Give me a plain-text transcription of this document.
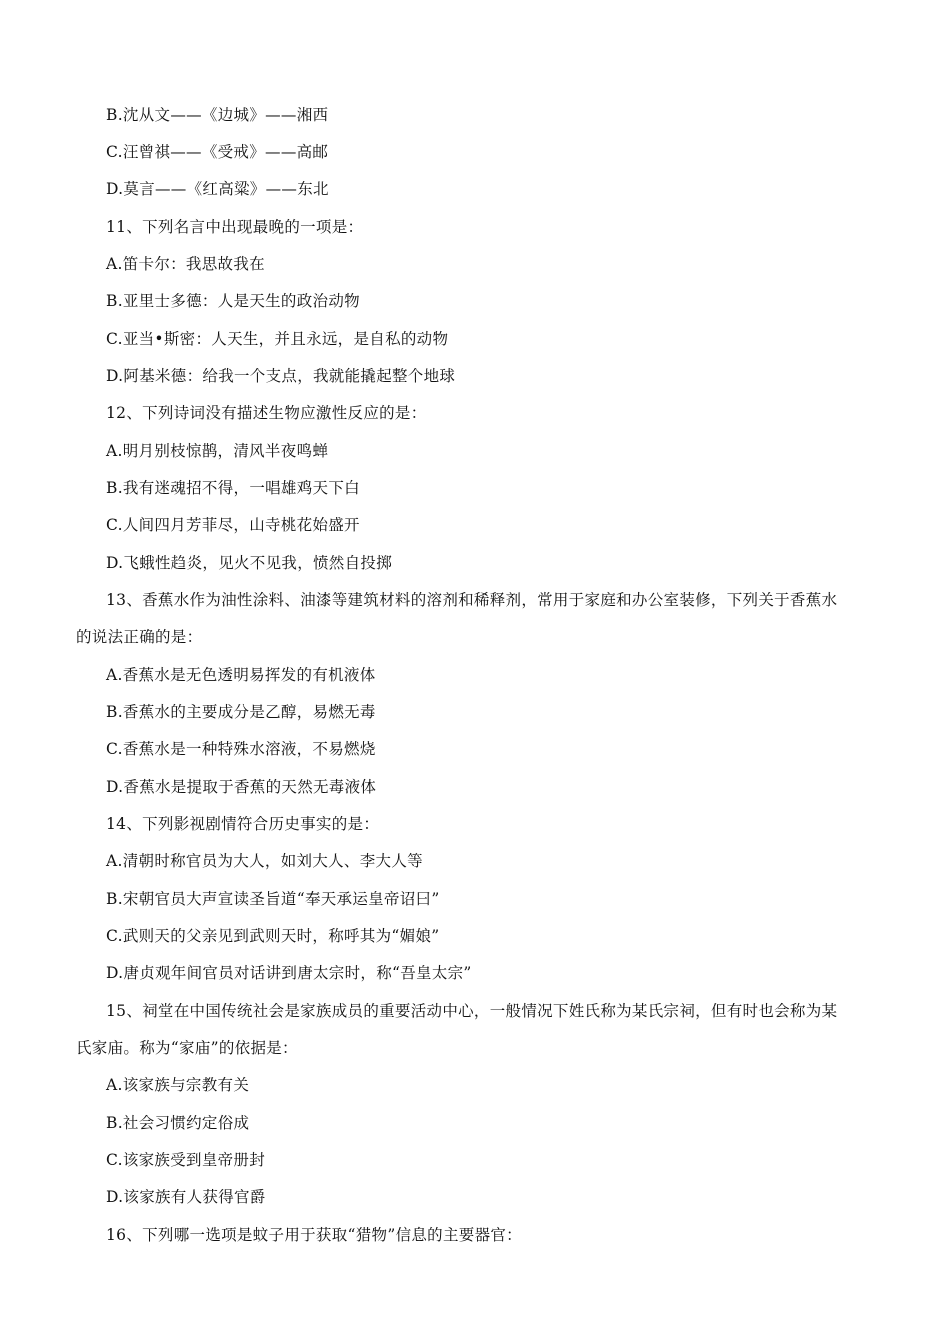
B.沈从文——《边城》——湘西
C.汪曾祺——《受戒》——高邮
D.莫言——《红高粱》——东北
11、下列名言中出现最晚的一项是：
A.笛卡尔：我思故我在
B.亚里士多德：人是天生的政治动物
C.亚当•斯密：人天生，并且永远，是自私的动物
D.阿基米德：给我一个支点，我就能撬起整个地球
12、下列诗词没有描述生物应激性反应的是：
A.明月别枝惊鹊，清风半夜鸣蝉
B.我有迷魂招不得，一唱雄鸡天下白
C.人间四月芳菲尽，山寺桃花始盛开
D.飞蛾性趋炎，见火不见我，愤然自投掷
13、香蕉水作为油性涂料、油漆等建筑材料的溶剂和稀释剂，常用于家庭和办公室装修，下列关于香蕉水
的说法正确的是：
A.香蕉水是无色透明易挥发的有机液体
B.香蕉水的主要成分是乙醇，易燃无毒
C.香蕉水是一种特殊水溶液，不易燃烧
D.香蕉水是提取于香蕉的天然无毒液体
14、下列影视剧情符合历史事实的是：
A.清朝时称官员为大人，如刘大人、李大人等
B.宋朝官员大声宣读圣旨道“奉天承运皇帝诏曰”
C.武则天的父亲见到武则天时，称呼其为“媚娘”
D.唐贞观年间官员对话讲到唐太宗时，称“吾皇太宗”
15、祠堂在中国传统社会是家族成员的重要活动中心，一般情况下姓氏称为某氏宗祠，但有时也会称为某
氏家庙。称为“家庙”的依据是：
A.该家族与宗教有关
B.社会习惯约定俗成
C.该家族受到皇帝册封
D.该家族有人获得官爵
16、下列哪一选项是蚊子用于获取“猎物”信息的主要器官：
